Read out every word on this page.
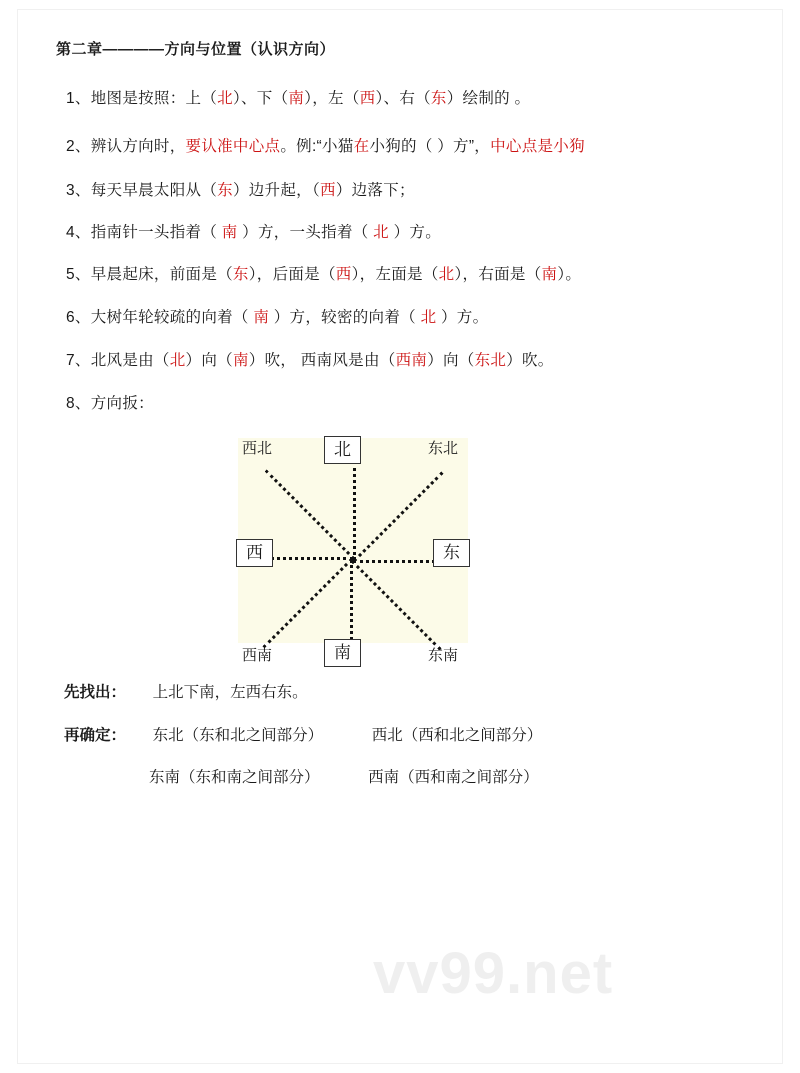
第二章————方向与位置（认识方向）
1、地图是按照：上（北）、下（南），左（西）、右（东）绘制的 。
2、辨认方向时，要认准中心点。例:“小猫在小狗的（ ）方”，中心点是小狗
3、每天早晨太阳从（东）边升起，（西）边落下；
4、指南针一头指着（ 南 ）方，一头指着（ 北 ）方。
5、早晨起床，前面是（东），后面是（西），左面是（北），右面是（南）。
6、大树年轮较疏的向着（ 南 ）方，较密的向着（ 北 ）方。
7、北风是由（北）向（南）吹， 西南风是由（西南）向（东北）吹。
8、方向扳：
北
南
东
西
西北	东北
西南	东南
先找出： 上北下南，左西右东。
再确定： 东北（东和北之间部分）	西北（西和北之间部分）
东南（东和南之间部分）	西南（西和南之间部分）
vv99.net
